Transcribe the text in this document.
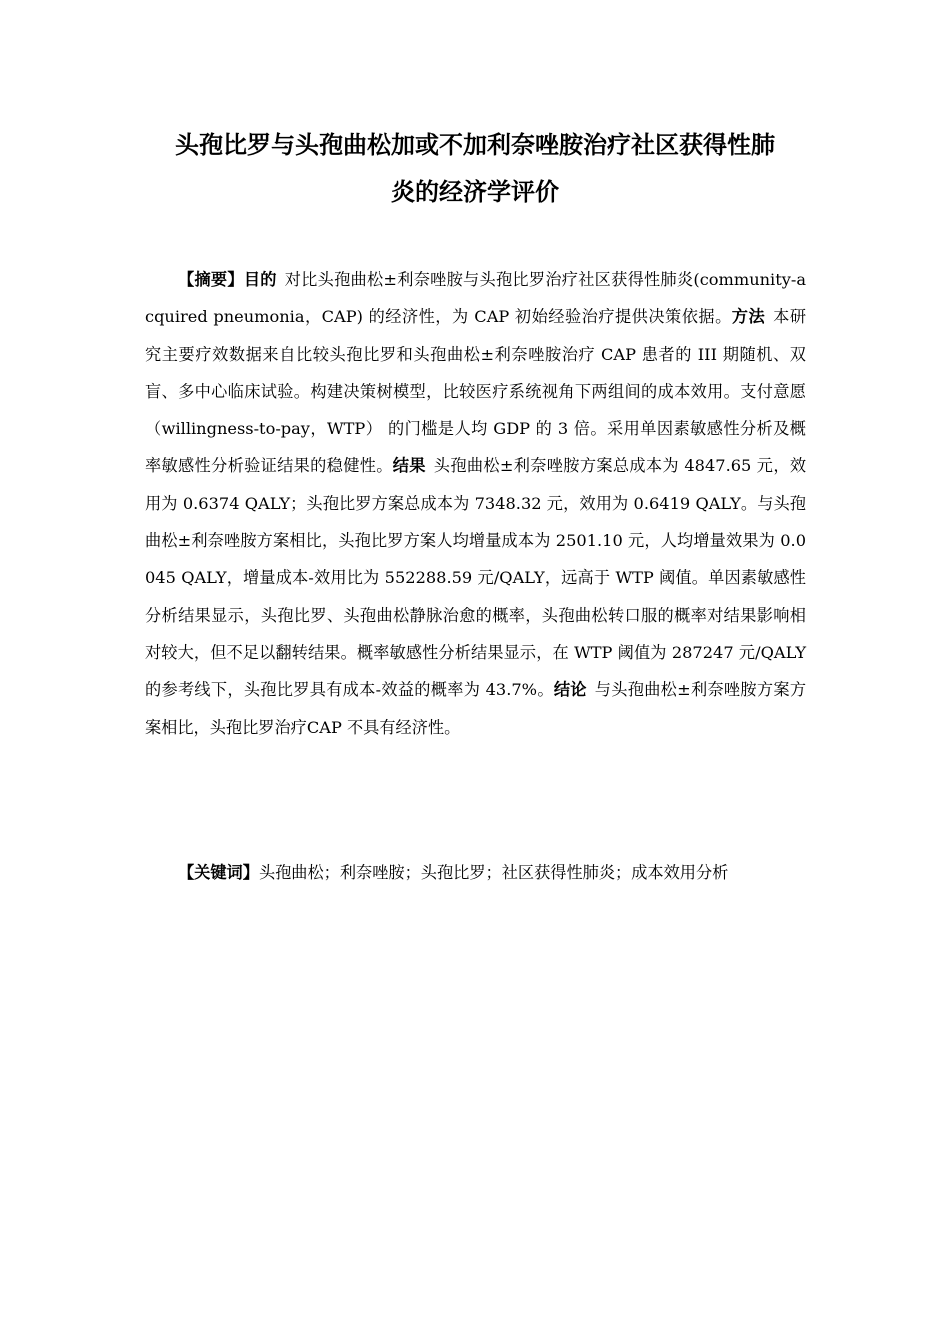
头孢比罗与头孢曲松加或不加利奈唑胺治疗社区获得性肺
炎的经济学评价

【摘要】目的 对比头孢曲松±利奈唑胺与头孢比罗治疗社区获得性肺炎(community-acquired pneumonia，CAP) 的经济性，为 CAP 初始经验治疗提供决策依据。方法 本研究主要疗效数据来自比较头孢比罗和头孢曲松±利奈唑胺治疗 CAP 患者的 III 期随机、双盲、多中心临床试验。构建决策树模型，比较医疗系统视角下两组间的成本效用。支付意愿 （willingness-to-pay，WTP） 的门槛是人均 GDP 的 3 倍。采用单因素敏感性分析及概率敏感性分析验证结果的稳健性。结果 头孢曲松±利奈唑胺方案总成本为 4847.65 元，效用为 0.6374 QALY；头孢比罗方案总成本为 7348.32 元，效用为 0.6419 QALY。与头孢曲松±利奈唑胺方案相比，头孢比罗方案人均增量成本为 2501.10 元，人均增量效果为 0.0045 QALY，增量成本-效用比为 552288.59 元/QALY，远高于 WTP 阈值。单因素敏感性分析结果显示，头孢比罗、头孢曲松静脉治愈的概率，头孢曲松转口服的概率对结果影响相对较大，但不足以翻转结果。概率敏感性分析结果显示，在 WTP 阈值为 287247 元/QALY 的参考线下，头孢比罗具有成本-效益的概率为 43.7%。结论 与头孢曲松±利奈唑胺方案方案相比，头孢比罗治疗CAP 不具有经济性。

【关键词】头孢曲松；利奈唑胺；头孢比罗；社区获得性肺炎；成本效用分析
